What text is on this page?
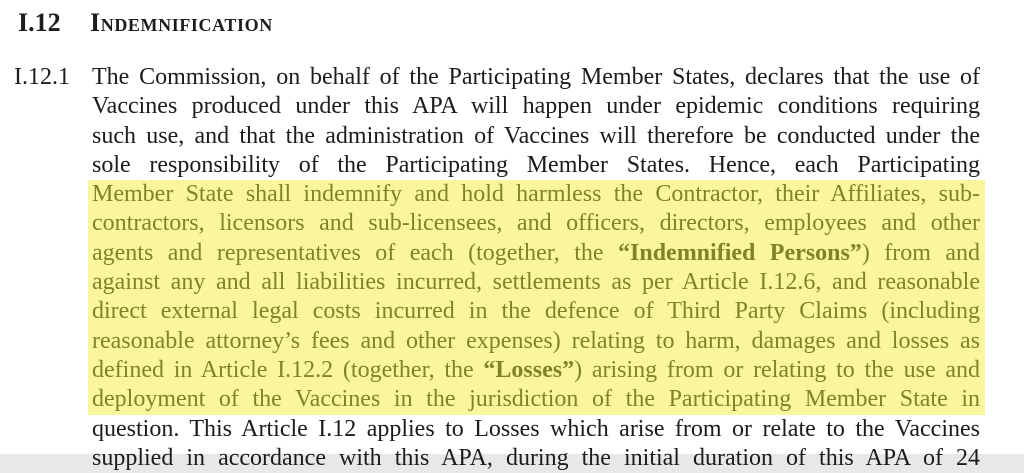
I.12	Indemnification
I.12.1 The Commission, on behalf of the Participating Member States, declares that the use of
Vaccines produced under this APA will happen under epidemic conditions requiring
such use, and that the administration of Vaccines will therefore be conducted under the
sole responsibility of the Participating Member States. Hence, each Participating
Member State shall indemnify and hold harmless the Contractor, their Affiliates, sub-
contractors, licensors and sub-licensees, and officers, directors, employees and other
agents and representatives of each (together, the “Indemnified Persons”) from and
against any and all liabilities incurred, settlements as per Article I.12.6, and reasonable
direct external legal costs incurred in the defence of Third Party Claims (including
reasonable attorney’s fees and other expenses) relating to harm, damages and losses as
defined in Article I.12.2 (together, the “Losses”) arising from or relating to the use and
deployment of the Vaccines in the jurisdiction of the Participating Member State in
question. This Article I.12 applies to Losses which arise from or relate to the Vaccines
supplied in accordance with this APA, during the initial duration of this APA of 24
